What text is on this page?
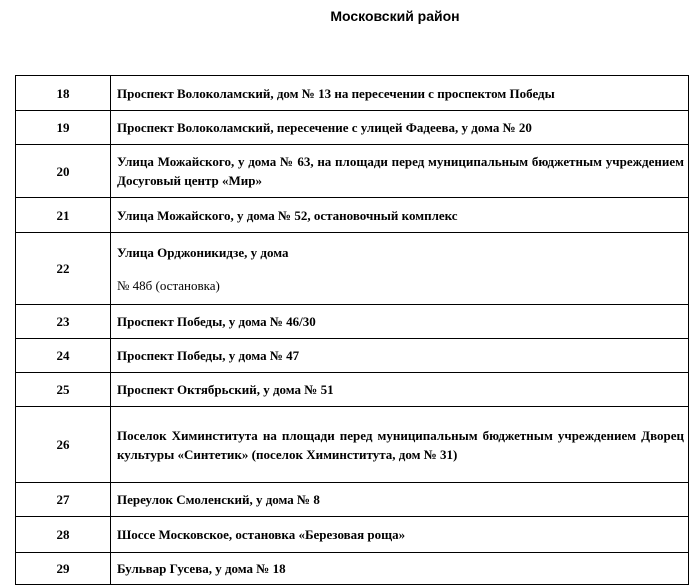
Московский район
18	Проспект Волоколамский, дом № 13 на пересечении с проспектом Победы
19	Проспект Волоколамский, пересечение с улицей Фадеева, у дома № 20
20	Улица Можайского, у дома № 63, на площади перед муниципальным бюджетным учреждением Досуговый центр «Мир»
21	Улица Можайского, у дома № 52, остановочный комплекс
22	Улица Орджоникидзе, у дома
№ 48б (остановка)

23	Проспект Победы, у дома № 46/30
24	Проспект Победы, у дома № 47
25	Проспект Октябрьский, у дома № 51
26	Поселок Химинститута на площади перед муниципальным бюджетным учреждением Дворец культуры «Синтетик» (поселок Химинститута, дом № 31)
27	Переулок Смоленский, у дома № 8
28	Шоссе Московское, остановка «Березовая роща»
29	Бульвар Гусева, у дома № 18
